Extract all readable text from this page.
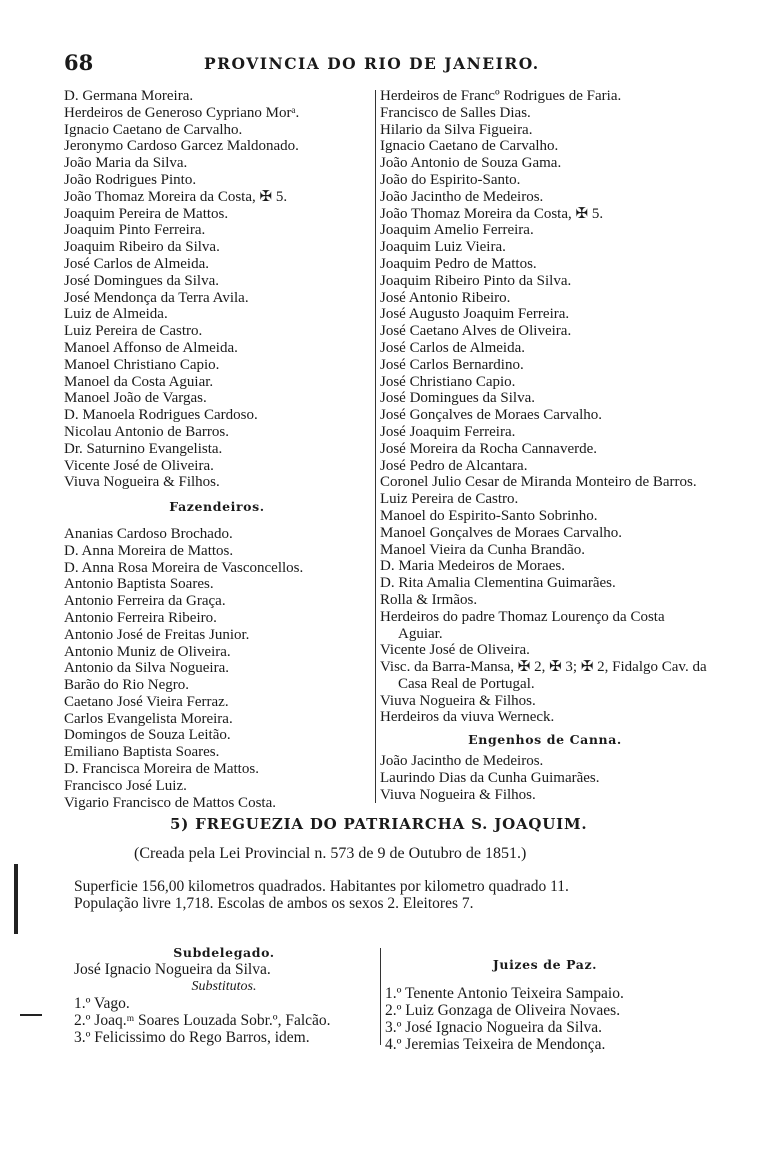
68	PROVINCIA DO RIO DE JANEIRO.
D. Germana Moreira.
Herdeiros de Generoso Cypriano Morᵃ.
Ignacio Caetano de Carvalho.
Jeronymo Cardoso Garcez Maldonado.
João Maria da Silva.
João Rodrigues Pinto.
João Thomaz Moreira da Costa, ✠ 5.
Joaquim Pereira de Mattos.
Joaquim Pinto Ferreira.
Joaquim Ribeiro da Silva.
José Carlos de Almeida.
José Domingues da Silva.
José Mendonça da Terra Avila.
Luiz de Almeida.
Luiz Pereira de Castro.
Manoel Affonso de Almeida.
Manoel Christiano Capio.
Manoel da Costa Aguiar.
Manoel João de Vargas.
D. Manoela Rodrigues Cardoso.
Nicolau Antonio de Barros.
Dr. Saturnino Evangelista.
Vicente José de Oliveira.
Viuva Nogueira & Filhos.
Fazendeiros.
Ananias Cardoso Brochado.
D. Anna Moreira de Mattos.
D. Anna Rosa Moreira de Vasconcellos.
Antonio Baptista Soares.
Antonio Ferreira da Graça.
Antonio Ferreira Ribeiro.
Antonio José de Freitas Junior.
Antonio Muniz de Oliveira.
Antonio da Silva Nogueira.
Barão do Rio Negro.
Caetano José Vieira Ferraz.
Carlos Evangelista Moreira.
Domingos de Souza Leitão.
Emiliano Baptista Soares.
D. Francisca Moreira de Mattos.
Francisco José Luiz.
Vigario Francisco de Mattos Costa.
Herdeiros de Francº Rodrigues de Faria.
Francisco de Salles Dias.
Hilario da Silva Figueira.
Ignacio Caetano de Carvalho.
João Antonio de Souza Gama.
João do Espirito-Santo.
João Jacintho de Medeiros.
João Thomaz Moreira da Costa, ✠ 5.
Joaquim Amelio Ferreira.
Joaquim Luiz Vieira.
Joaquim Pedro de Mattos.
Joaquim Ribeiro Pinto da Silva.
José Antonio Ribeiro.
José Augusto Joaquim Ferreira.
José Caetano Alves de Oliveira.
José Carlos de Almeida.
José Carlos Bernardino.
José Christiano Capio.
José Domingues da Silva.
José Gonçalves de Moraes Carvalho.
José Joaquim Ferreira.
José Moreira da Rocha Cannaverde.
José Pedro de Alcantara.
Coronel Julio Cesar de Miranda Monteiro de Barros.
Luiz Pereira de Castro.
Manoel do Espirito-Santo Sobrinho.
Manoel Gonçalves de Moraes Carvalho.
Manoel Vieira da Cunha Brandão.
D. Maria Medeiros de Moraes.
D. Rita Amalia Clementina Guimarães.
Rolla & Irmãos.
Herdeiros do padre Thomaz Lourenço da Costa Aguiar.
Vicente José de Oliveira.
Visc. da Barra-Mansa, ✠ 2, ✠ 3; ✠ 2, Fidalgo Cav. da Casa Real de Portugal.
Viuva Nogueira & Filhos.
Herdeiros da viuva Werneck.
Engenhos de Canna.
João Jacintho de Medeiros.
Laurindo Dias da Cunha Guimarães.
Viuva Nogueira & Filhos.
5) FREGUEZIA DO PATRIARCHA S. JOAQUIM.
(Creada pela Lei Provincial n. 573 de 9 de Outubro de 1851.)
Superficie 156,00 kilometros quadrados. Habitantes por kilometro quadrado 11.
População livre 1,718. Escolas de ambos os sexos 2. Eleitores 7.
Subdelegado.
José Ignacio Nogueira da Silva.
Substitutos.
1.º Vago.
2.º Joaq.ᵐ Soares Louzada Sobr.º, Falcão.
3.º Felicissimo do Rego Barros, idem.
Juizes de Paz.
1.º Tenente Antonio Teixeira Sampaio.
2.º Luiz Gonzaga de Oliveira Novaes.
3.º José Ignacio Nogueira da Silva.
4.º Jeremias Teixeira de Mendonça.
